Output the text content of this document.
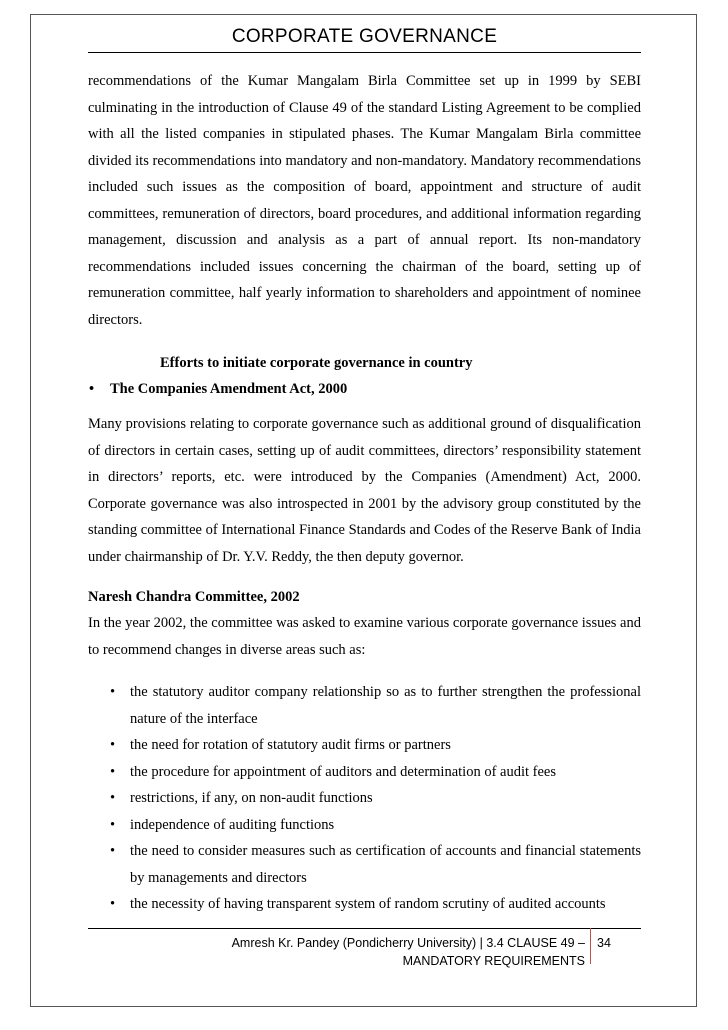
CORPORATE GOVERNANCE

recommendations of the Kumar Mangalam Birla Committee set up in 1999 by SEBI culminating in the introduction of Clause 49 of the standard Listing Agreement to be complied with all the listed companies in stipulated phases. The Kumar Mangalam Birla committee divided its recommendations into mandatory and non-mandatory. Mandatory recommendations included such issues as the composition of board, appointment and structure of audit committees, remuneration of directors, board procedures, and additional information regarding management, discussion and analysis as a part of annual report. Its non-mandatory recommendations included issues concerning the chairman of the board, setting up of remuneration committee, half yearly information to shareholders and appointment of nominee directors.

Efforts to initiate corporate governance in country
• The Companies Amendment Act, 2000

Many provisions relating to corporate governance such as additional ground of disqualification of directors in certain cases, setting up of audit committees, directors’ responsibility statement in directors’ reports, etc. were introduced by the Companies (Amendment) Act, 2000. Corporate governance was also introspected in 2001 by the advisory group constituted by the standing committee of International Finance Standards and Codes of the Reserve Bank of India under chairmanship of Dr. Y.V. Reddy, the then deputy governor.

Naresh Chandra Committee, 2002

In the year 2002, the committee was asked to examine various corporate governance issues and to recommend changes in diverse areas such as:

• the statutory auditor company relationship so as to further strengthen the professional nature of the interface
• the need for rotation of statutory audit firms or partners
• the procedure for appointment of auditors and determination of audit fees
• restrictions, if any, on non-audit functions
• independence of auditing functions
• the need to consider measures such as certification of accounts and financial statements by managements and directors
• the necessity of having transparent system of random scrutiny of audited accounts
Amresh Kr. Pandey (Pondicherry University) | 3.4 CLAUSE 49 – MANDATORY REQUIREMENTS
34
